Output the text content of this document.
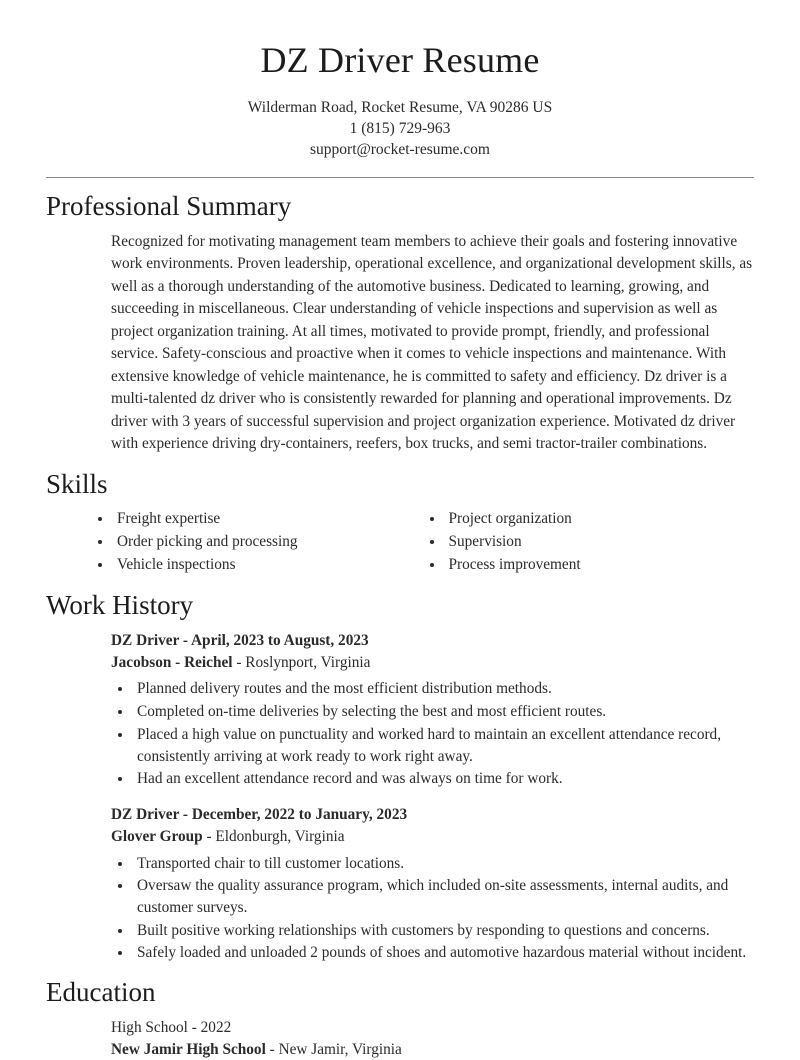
DZ Driver Resume
Wilderman Road, Rocket Resume, VA 90286 US
1 (815) 729-963
support@rocket-resume.com
Professional Summary

Recognized for motivating management team members to achieve their goals and fostering innovative work environments. Proven leadership, operational excellence, and organizational development skills, as well as a thorough understanding of the automotive business. Dedicated to learning, growing, and succeeding in miscellaneous. Clear understanding of vehicle inspections and supervision as well as project organization training. At all times, motivated to provide prompt, friendly, and professional service. Safety-conscious and proactive when it comes to vehicle inspections and maintenance. With extensive knowledge of vehicle maintenance, he is committed to safety and efficiency. Dz driver is a multi-talented dz driver who is consistently rewarded for planning and operational improvements. Dz driver with 3 years of successful supervision and project organization experience. Motivated dz driver with experience driving dry-containers, reefers, box trucks, and semi tractor-trailer combinations.

Skills
• Freight expertise
• Order picking and processing
• Vehicle inspections
• Project organization
• Supervision
• Process improvement
Work History
DZ Driver - April, 2023 to August, 2023
Jacobson - Reichel - Roslynport, Virginia
• Planned delivery routes and the most efficient distribution methods.
• Completed on-time deliveries by selecting the best and most efficient routes.
• Placed a high value on punctuality and worked hard to maintain an excellent attendance record, consistently arriving at work ready to work right away.
• Had an excellent attendance record and was always on time for work.
DZ Driver - December, 2022 to January, 2023
Glover Group - Eldonburgh, Virginia
• Transported chair to till customer locations.
• Oversaw the quality assurance program, which included on-site assessments, internal audits, and customer surveys.
• Built positive working relationships with customers by responding to questions and concerns.
• Safely loaded and unloaded 2 pounds of shoes and automotive hazardous material without incident.
Education
High School - 2022
New Jamir High School - New Jamir, Virginia
